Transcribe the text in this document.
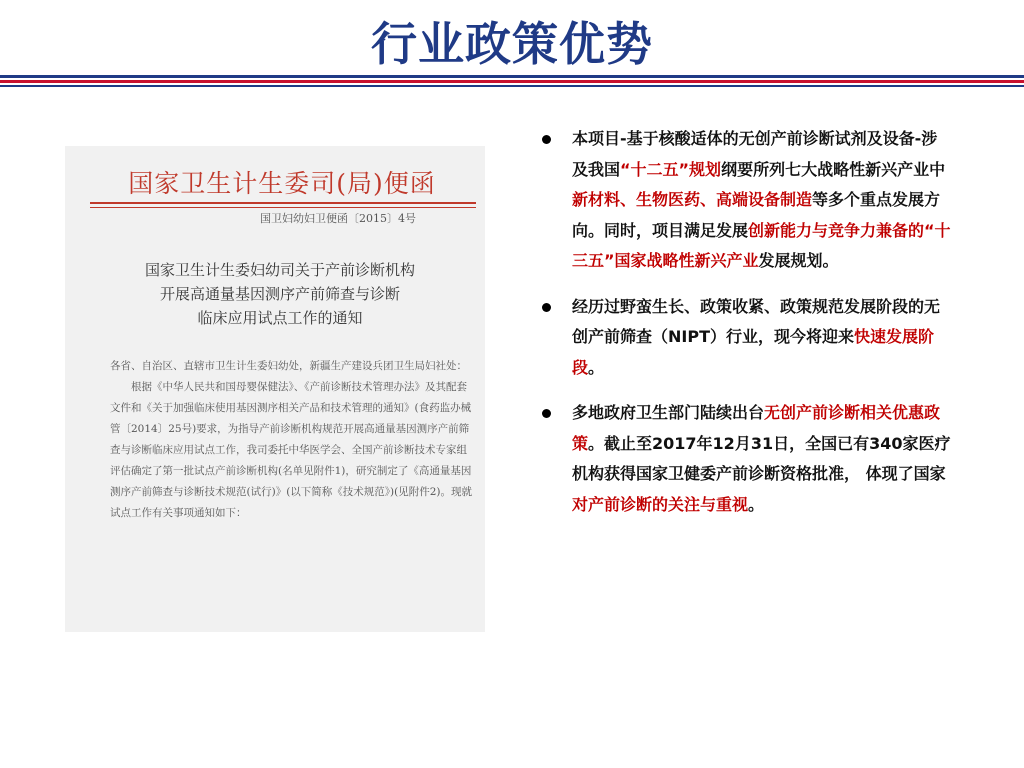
行业政策优势
国家卫生计生委司(局)便函
国卫妇幼妇卫便函〔2015〕4号
国家卫生计生委妇幼司关于产前诊断机构
开展高通量基因测序产前筛查与诊断
临床应用试点工作的通知

各省、自治区、直辖市卫生计生委妇幼处，新疆生产建设兵团卫生局妇社处：

根据《中华人民共和国母婴保健法》、《产前诊断技术管理办法》及其配套文件和《关于加强临床使用基因测序相关产品和技术管理的通知》(食药监办械管〔2014〕25号)要求，为指导产前诊断机构规范开展高通量基因测序产前筛查与诊断临床应用试点工作，我司委托中华医学会、全国产前诊断技术专家组评估确定了第一批试点产前诊断机构(名单见附件1)，研究制定了《高通量基因测序产前筛查与诊断技术规范(试行)》(以下简称《技术规范》)(见附件2)。现就试点工作有关事项通知如下：

本项目-基于核酸适体的无创产前诊断试剂及设备-涉及我国“十二五”规划纲要所列七大战略性新兴产业中新材料、生物医药、高端设备制造等多个重点发展方向。同时，项目满足发展创新能力与竞争力兼备的“十三五”国家战略性新兴产业发展规划。
经历过野蛮生长、政策收紧、政策规范发展阶段的无创产前筛查（NIPT）行业，现今将迎来快速发展阶段。
多地政府卫生部门陆续出台无创产前诊断相关优惠政策。截止至2017年12月31日，全国已有340家医疗机构获得国家卫健委产前诊断资格批准， 体现了国家对产前诊断的关注与重视。
